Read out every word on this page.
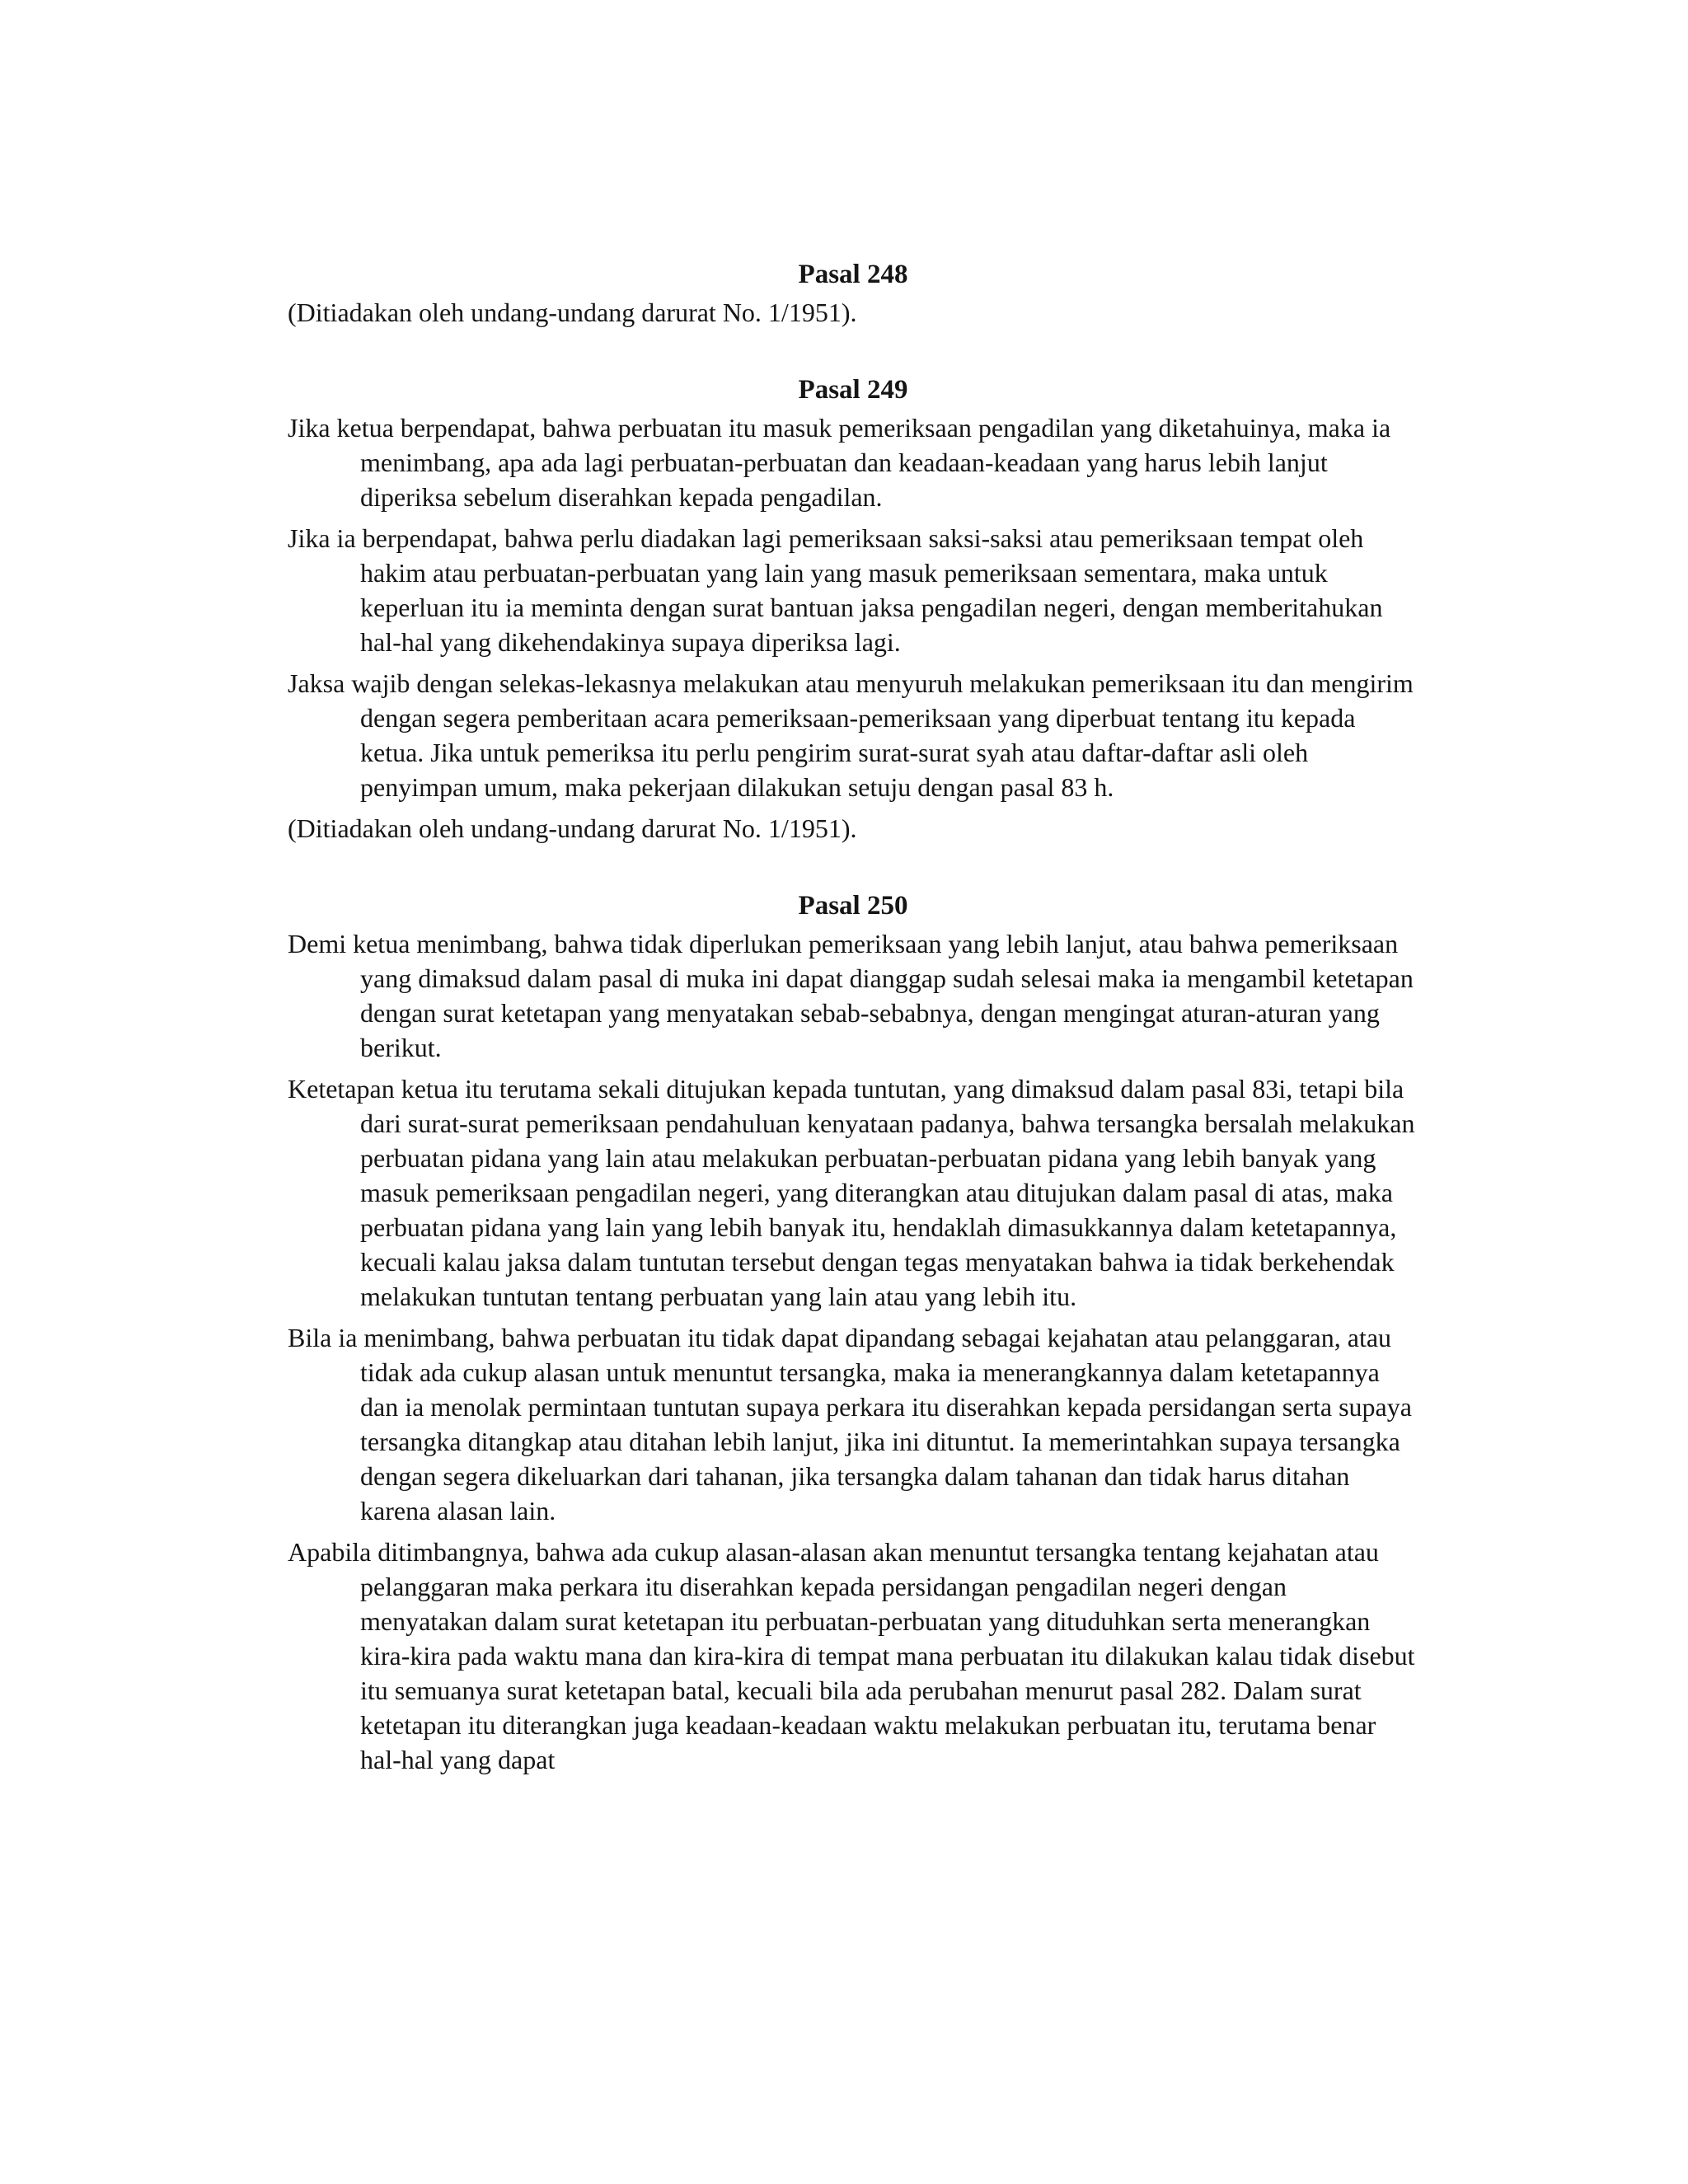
Pasal 248

(Ditiadakan oleh undang-undang darurat No. 1/1951).

Pasal 249

Jika ketua berpendapat, bahwa perbuatan itu masuk pemeriksaan pengadilan yang diketahuinya, maka ia menimbang, apa ada lagi perbuatan-perbuatan dan keadaan-keadaan yang harus lebih lanjut diperiksa sebelum diserahkan kepada pengadilan.

Jika ia berpendapat, bahwa perlu diadakan lagi pemeriksaan saksi-saksi atau pemeriksaan tempat oleh hakim atau perbuatan-perbuatan yang lain yang masuk pemeriksaan sementara, maka untuk keperluan itu ia meminta dengan surat bantuan jaksa pengadilan negeri, dengan memberitahukan hal-hal yang dikehendakinya supaya diperiksa lagi.

Jaksa wajib dengan selekas-lekasnya melakukan atau menyuruh melakukan pemeriksaan itu dan mengirim dengan segera pemberitaan acara pemeriksaan-pemeriksaan yang diperbuat tentang itu kepada ketua. Jika untuk pemeriksa itu perlu pengirim surat-surat syah atau daftar-daftar asli oleh penyimpan umum, maka pekerjaan dilakukan setuju dengan pasal 83 h.

(Ditiadakan oleh undang-undang darurat No. 1/1951).

Pasal 250

Demi ketua menimbang, bahwa tidak diperlukan pemeriksaan yang lebih lanjut, atau bahwa pemeriksaan yang dimaksud dalam pasal di muka ini dapat dianggap sudah selesai maka ia mengambil ketetapan dengan surat ketetapan yang menyatakan sebab-sebabnya, dengan mengingat aturan-aturan yang berikut.

Ketetapan ketua itu terutama sekali ditujukan kepada tuntutan, yang dimaksud dalam pasal 83i, tetapi bila dari surat-surat pemeriksaan pendahuluan kenyataan padanya, bahwa tersangka bersalah melakukan perbuatan pidana yang lain atau melakukan perbuatan-perbuatan pidana yang lebih banyak yang masuk pemeriksaan pengadilan negeri, yang diterangkan atau ditujukan dalam pasal di atas, maka perbuatan pidana yang lain yang lebih banyak itu, hendaklah dimasukkannya dalam ketetapannya, kecuali kalau jaksa dalam tuntutan tersebut dengan tegas menyatakan bahwa ia tidak berkehendak melakukan tuntutan tentang perbuatan yang lain atau yang lebih itu.

Bila ia menimbang, bahwa perbuatan itu tidak dapat dipandang sebagai kejahatan atau pelanggaran, atau tidak ada cukup alasan untuk menuntut tersangka, maka ia menerangkannya dalam ketetapannya dan ia menolak permintaan tuntutan supaya perkara itu diserahkan kepada persidangan serta supaya tersangka ditangkap atau ditahan lebih lanjut, jika ini dituntut. Ia memerintahkan supaya tersangka dengan segera dikeluarkan dari tahanan, jika tersangka dalam tahanan dan tidak harus ditahan karena alasan lain.

Apabila ditimbangnya, bahwa ada cukup alasan-alasan akan menuntut tersangka tentang kejahatan atau pelanggaran maka perkara itu diserahkan kepada persidangan pengadilan negeri dengan menyatakan dalam surat ketetapan itu perbuatan-perbuatan yang dituduhkan serta menerangkan kira-kira pada waktu mana dan kira-kira di tempat mana perbuatan itu dilakukan kalau tidak disebut itu semuanya surat ketetapan batal, kecuali bila ada perubahan menurut pasal 282. Dalam surat ketetapan itu diterangkan juga keadaan-keadaan waktu melakukan perbuatan itu, terutama benar hal-hal yang dapat
